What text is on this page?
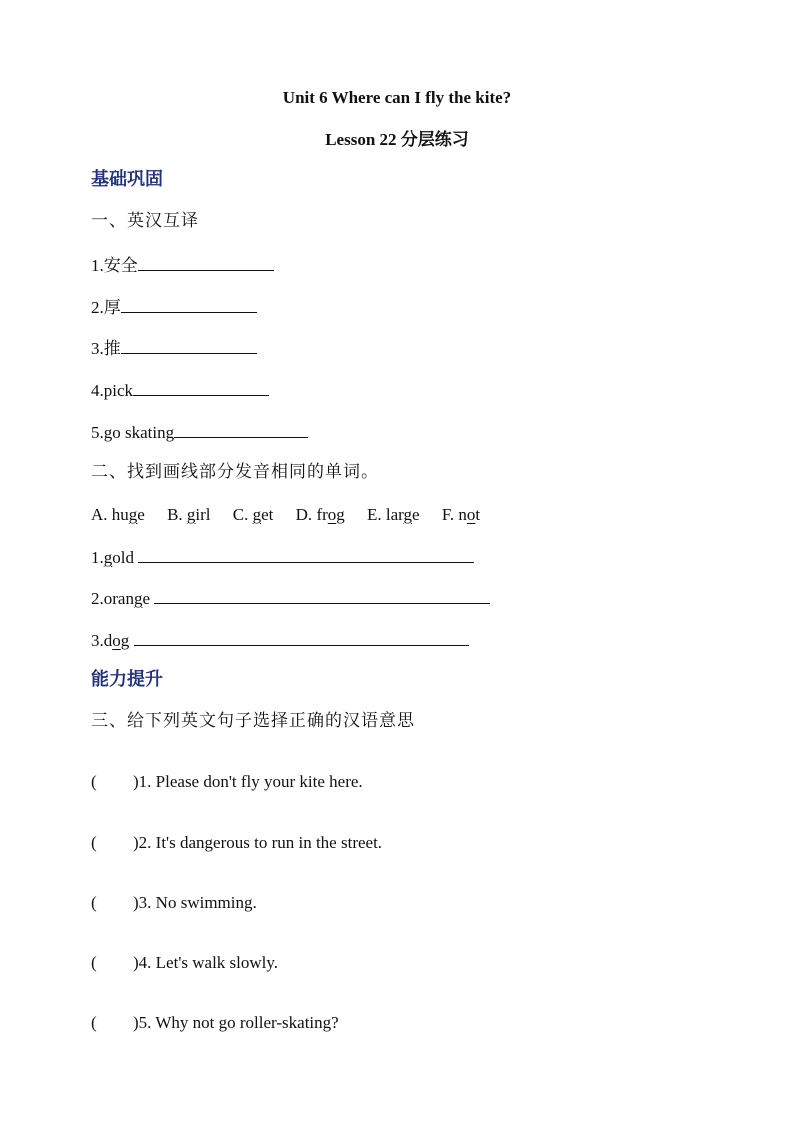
Unit 6 Where can I fly the kite?
Lesson 22 分层练习
基础巩固
一、英汉互译
1.安全
2.厚
3.推
4.pick
5.go skating
二、找到画线部分发音相同的单词。
A. huge B. girl C. get D. frog E. large F. not
1.gold
2.orange
3.dog
能力提升
三、给下列英文句子选择正确的汉语意思
( )1. Please don't fly your kite here.
( )2. It's dangerous to run in the street.
( )3. No swimming.
( )4. Let's walk slowly.
( )5. Why not go roller-skating?
